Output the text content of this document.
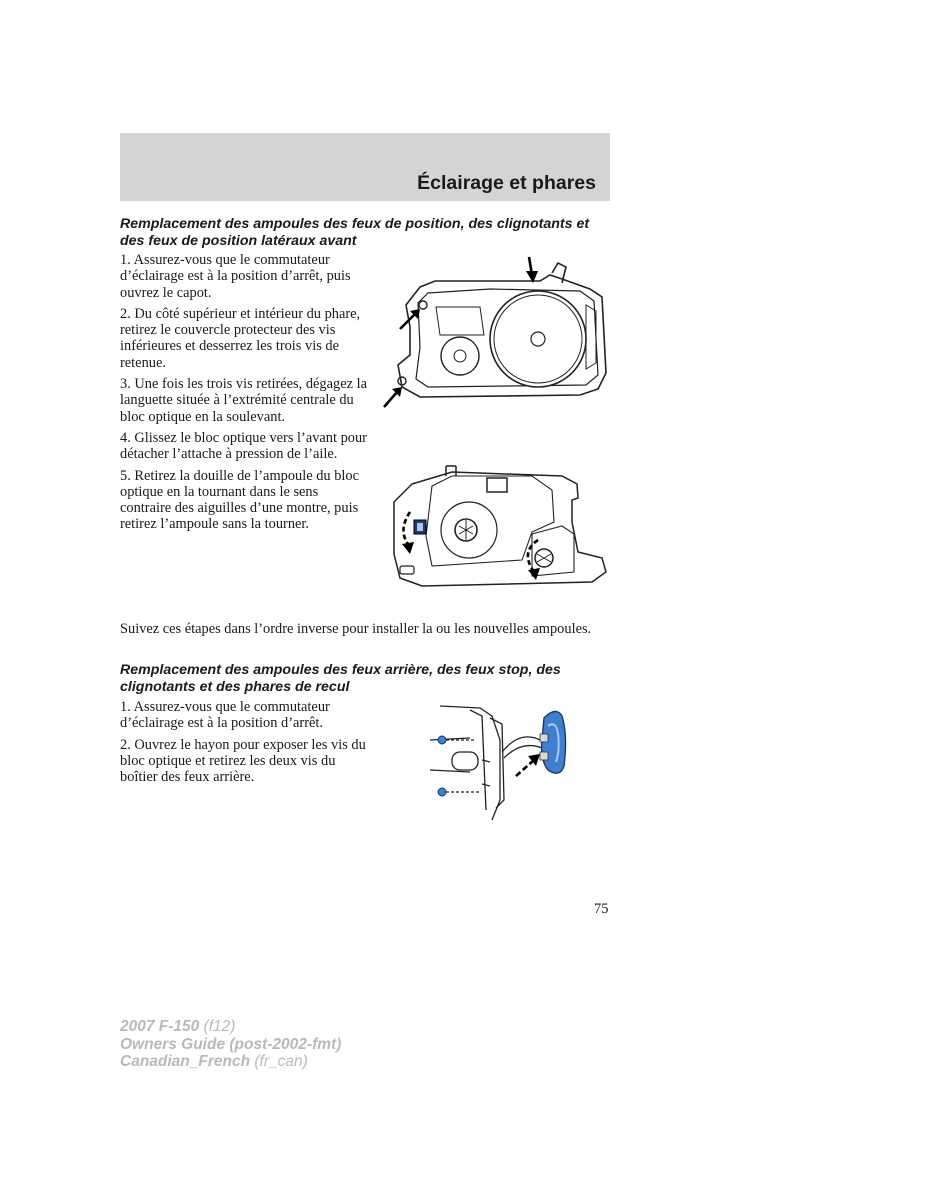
Éclairage et phares
Remplacement des ampoules des feux de position, des clignotants et des feux de position latéraux avant

1. Assurez-vous que le commutateur d’éclairage est à la position d’arrêt, puis ouvrez le capot.

2. Du côté supérieur et intérieur du phare, retirez le couvercle protecteur des vis inférieures et desserrez les trois vis de retenue.

3. Une fois les trois vis retirées, dégagez la languette située à l’extrémité centrale du bloc optique en la soulevant.

4. Glissez le bloc optique vers l’avant pour détacher l’attache à pression de l’aile.

5. Retirez la douille de l’ampoule du bloc optique en la tournant dans le sens contraire des aiguilles d’une montre, puis retirez l’ampoule sans la tourner.

Suivez ces étapes dans l’ordre inverse pour installer la ou les nouvelles ampoules.

Remplacement des ampoules des feux arrière, des feux stop, des clignotants et des phares de recul

1. Assurez-vous que le commutateur d’éclairage est à la position d’arrêt.

2. Ouvrez le hayon pour exposer les vis du bloc optique et retirez les deux vis du boîtier des feux arrière.

75
2007 F-150 (f12)
Owners Guide (post-2002-fmt)
Canadian_French (fr_can)
